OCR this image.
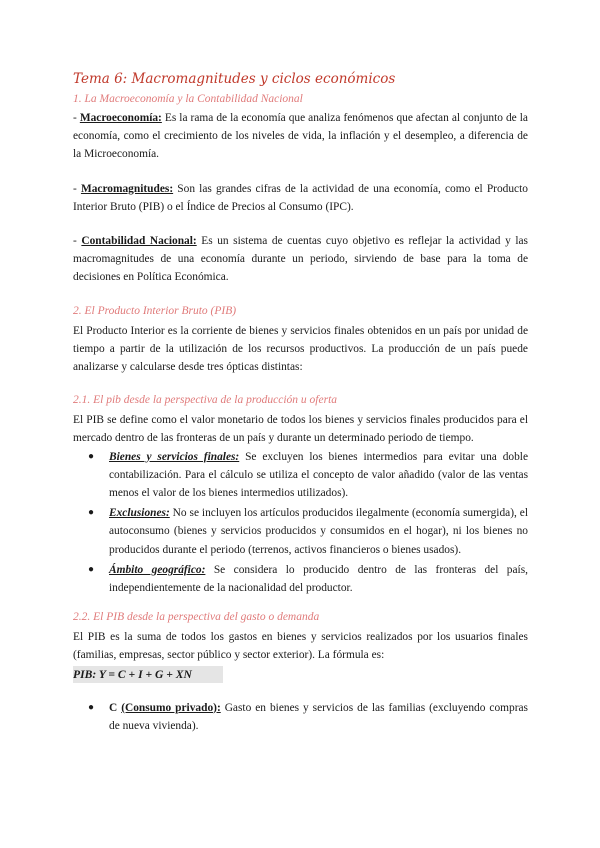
Tema 6: Macromagnitudes y ciclos económicos
1. La Macroeconomía y la Contabilidad Nacional

- Macroeconomía: Es la rama de la economía que analiza fenómenos que afectan al conjunto de la economía, como el crecimiento de los niveles de vida, la inflación y el desempleo, a diferencia de la Microeconomía.

- Macromagnitudes: Son las grandes cifras de la actividad de una economía, como el Producto Interior Bruto (PIB) o el Índice de Precios al Consumo (IPC).

- Contabilidad Nacional: Es un sistema de cuentas cuyo objetivo es reflejar la actividad y las macromagnitudes de una economía durante un periodo, sirviendo de base para la toma de decisiones en Política Económica.

2. El Producto Interior Bruto (PIB)

El Producto Interior es la corriente de bienes y servicios finales obtenidos en un país por unidad de tiempo a partir de la utilización de los recursos productivos. La producción de un país puede analizarse y calcularse desde tres ópticas distintas:

2.1. El pib desde la perspectiva de la producción u oferta

El PIB se define como el valor monetario de todos los bienes y servicios finales producidos para el mercado dentro de las fronteras de un país y durante un determinado periodo de tiempo.

● Bienes y servicios finales: Se excluyen los bienes intermedios para evitar una doble contabilización. Para el cálculo se utiliza el concepto de valor añadido (valor de las ventas menos el valor de los bienes intermedios utilizados).
● Exclusiones: No se incluyen los artículos producidos ilegalmente (economía sumergida), el autoconsumo (bienes y servicios producidos y consumidos en el hogar), ni los bienes no producidos durante el periodo (terrenos, activos financieros o bienes usados).
● Ámbito geográfico: Se considera lo producido dentro de las fronteras del país, independientemente de la nacionalidad del productor.
2.2. El PIB desde la perspectiva del gasto o demanda

El PIB es la suma de todos los gastos en bienes y servicios realizados por los usuarios finales (familias, empresas, sector público y sector exterior). La fórmula es:

PIB: Y = C + I + G + XN
● C (Consumo privado): Gasto en bienes y servicios de las familias (excluyendo compras de nueva vivienda).
